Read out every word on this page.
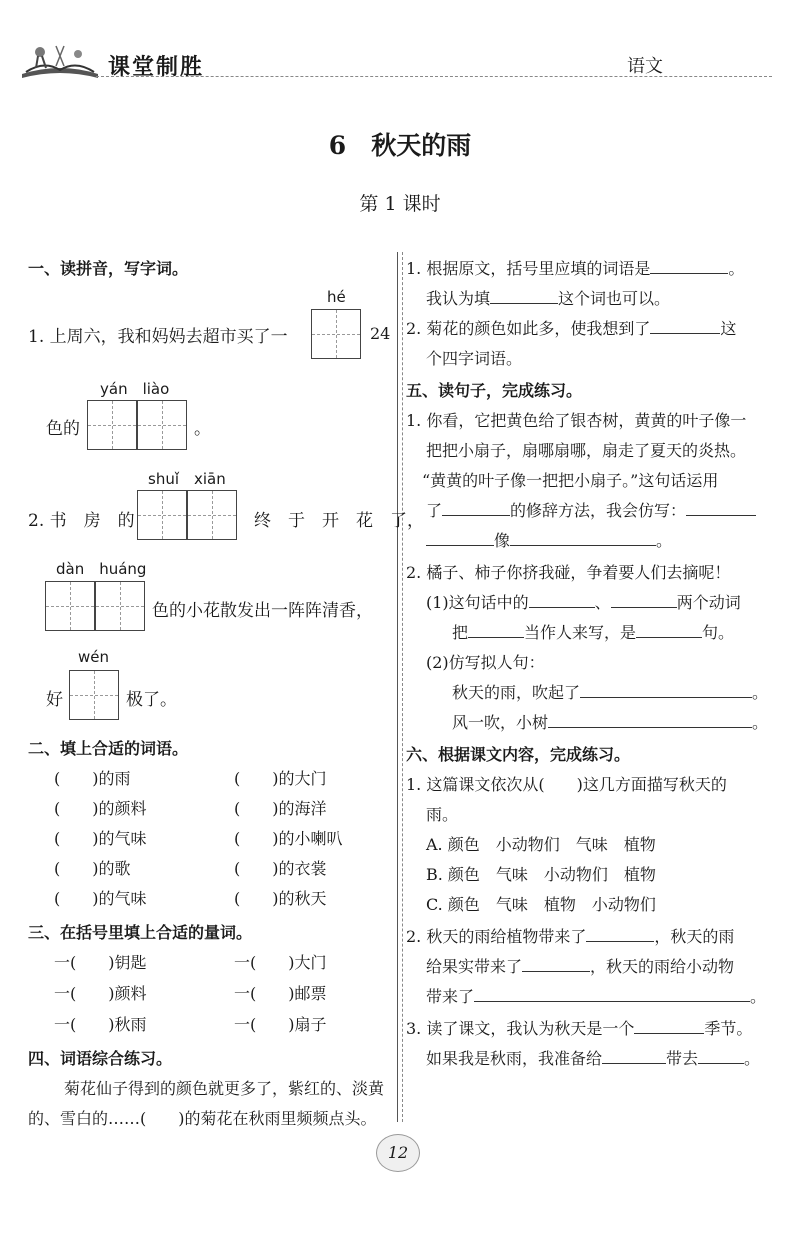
课堂制胜	语文
6　秋天的雨
第 1 课时
一、读拼音，写字词。
hé
1. 上周六，我和妈妈去超市买了一	24
yán　liào
色的	。
shuǐ　xiān
2. 书　房　的	终　于　开　花　了，
dàn　huáng
色的小花散发出一阵阵清香，
wén
好	极了。
二、填上合适的词语。
(　　)的雨	(　　)的大门
(　　)的颜料	(　　)的海洋
(　　)的气味	(　　)的小喇叭
(　　)的歌	(　　)的衣裳
(　　)的气味	(　　)的秋天
三、在括号里填上合适的量词。
一(　　)钥匙	一(　　)大门
一(　　)颜料	一(　　)邮票
一(　　)秋雨	一(　　)扇子
四、词语综合练习。
菊花仙子得到的颜色就更多了，紫红的、淡黄
的、雪白的……(　　)的菊花在秋雨里频频点头。
1. 根据原文，括号里应填的词语是	。
我认为填	这个词也可以。
2. 菊花的颜色如此多，使我想到了	这
个四字词语。
五、读句子，完成练习。
1. 你看，它把黄色给了银杏树，黄黄的叶子像一
把把小扇子，扇哪扇哪，扇走了夏天的炎热。
“黄黄的叶子像一把把小扇子。”这句话运用
了	的修辞方法，我会仿写：
像	。
2. 橘子、柿子你挤我碰，争着要人们去摘呢！
(1)这句话中的	、	两个动词
把	当作人来写，是	句。
(2)仿写拟人句：
秋天的雨，吹起了	。
风一吹，小树	。
六、根据课文内容，完成练习。
1. 这篇课文依次从(　　)这几方面描写秋天的
雨。
A. 颜色　小动物们　气味　植物
B. 颜色　气味　小动物们　植物
C. 颜色　气味　植物　小动物们
2. 秋天的雨给植物带来了	，秋天的雨
给果实带来了	，秋天的雨给小动物
带来了	。
3. 读了课文，我认为秋天是一个	季节。
如果我是秋雨，我准备给	带去	。
12
